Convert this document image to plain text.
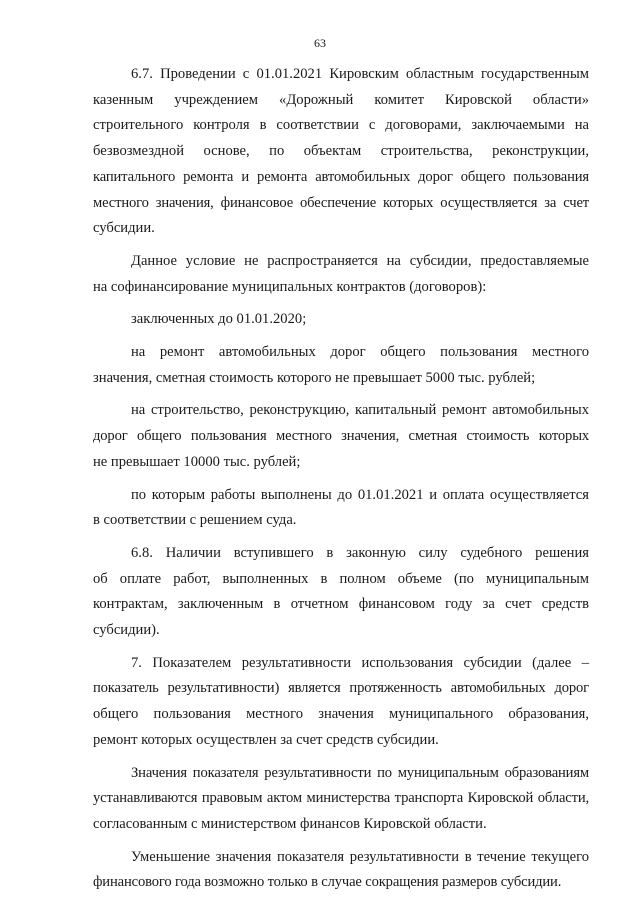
63

6.7. Проведении с 01.01.2021 Кировским областным государственным
казенным учреждением «Дорожный комитет Кировской области»
строительного контроля в соответствии с договорами, заключаемыми на
безвозмездной основе, по объектам строительства, реконструкции,
капитального ремонта и ремонта автомобильных дорог общего пользования
местного значения, финансовое обеспечение которых осуществляется за счет
субсидии.

Данное условие не распространяется на субсидии, предоставляемые
на софинансирование муниципальных контрактов (договоров):

заключенных до 01.01.2020;

на ремонт автомобильных дорог общего пользования местного
значения, сметная стоимость которого не превышает 5000 тыс. рублей;

на строительство, реконструкцию, капитальный ремонт автомобильных
дорог общего пользования местного значения, сметная стоимость которых
не превышает 10000 тыс. рублей;

по которым работы выполнены до 01.01.2021 и оплата осуществляется
в соответствии с решением суда.

6.8. Наличии вступившего в законную силу судебного решения
об оплате работ, выполненных в полном объеме (по муниципальным
контрактам, заключенным в отчетном финансовом году за счет средств
субсидии).

7. Показателем результативности использования субсидии (далее –
показатель результативности) является протяженность автомобильных дорог
общего пользования местного значения муниципального образования,
ремонт которых осуществлен за счет средств субсидии.

Значения показателя результативности по муниципальным образованиям
устанавливаются правовым актом министерства транспорта Кировской области,
согласованным с министерством финансов Кировской области.

Уменьшение значения показателя результативности в течение текущего
финансового года возможно только в случае сокращения размеров субсидии.
